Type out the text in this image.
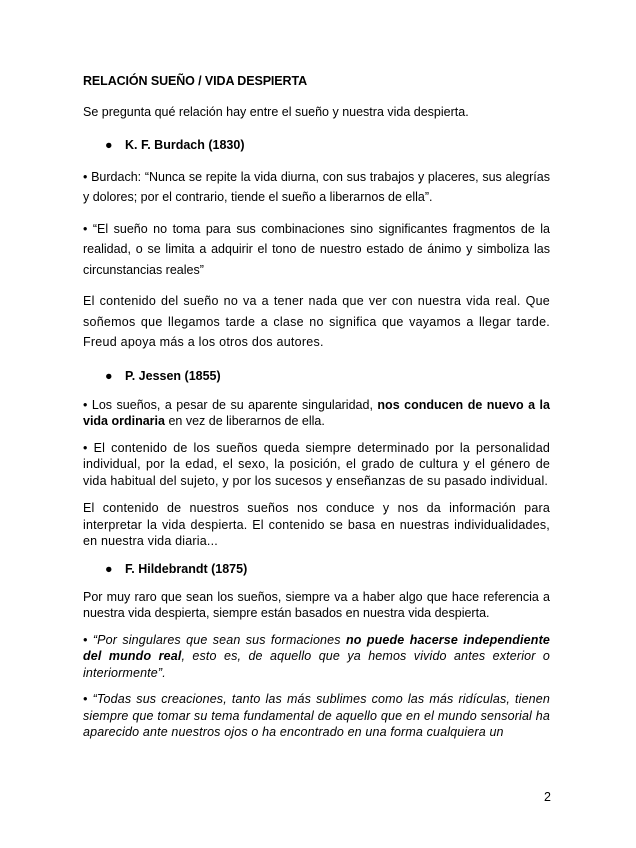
RELACIÓN SUEÑO / VIDA DESPIERTA

Se pregunta qué relación hay entre el sueño y nuestra vida despierta.

● K. F. Burdach (1830)

• Burdach: “Nunca se repite la vida diurna, con sus trabajos y placeres, sus alegrías y dolores; por el contrario, tiende el sueño a liberarnos de ella”.

• “El sueño no toma para sus combinaciones sino significantes fragmentos de la realidad, o se limita a adquirir el tono de nuestro estado de ánimo y simboliza las circunstancias reales”

El contenido del sueño no va a tener nada que ver con nuestra vida real. Que soñemos que llegamos tarde a clase no significa que vayamos a llegar tarde. Freud apoya más a los otros dos autores.

● P. Jessen (1855)

• Los sueños, a pesar de su aparente singularidad, nos conducen de nuevo a la vida ordinaria en vez de liberarnos de ella.

• El contenido de los sueños queda siempre determinado por la personalidad individual, por la edad, el sexo, la posición, el grado de cultura y el género de vida habitual del sujeto, y por los sucesos y enseñanzas de su pasado individual.

El contenido de nuestros sueños nos conduce y nos da información para interpretar la vida despierta. El contenido se basa en nuestras individualidades, en nuestra vida diaria...

● F. Hildebrandt (1875)

Por muy raro que sean los sueños, siempre va a haber algo que hace referencia a nuestra vida despierta, siempre están basados en nuestra vida despierta.

• “Por singulares que sean sus formaciones no puede hacerse independiente del mundo real, esto es, de aquello que ya hemos vivido antes exterior o interiormente”.

• “Todas sus creaciones, tanto las más sublimes como las más ridículas, tienen siempre que tomar su tema fundamental de aquello que en el mundo sensorial ha aparecido ante nuestros ojos o ha encontrado en una forma cualquiera un

2
